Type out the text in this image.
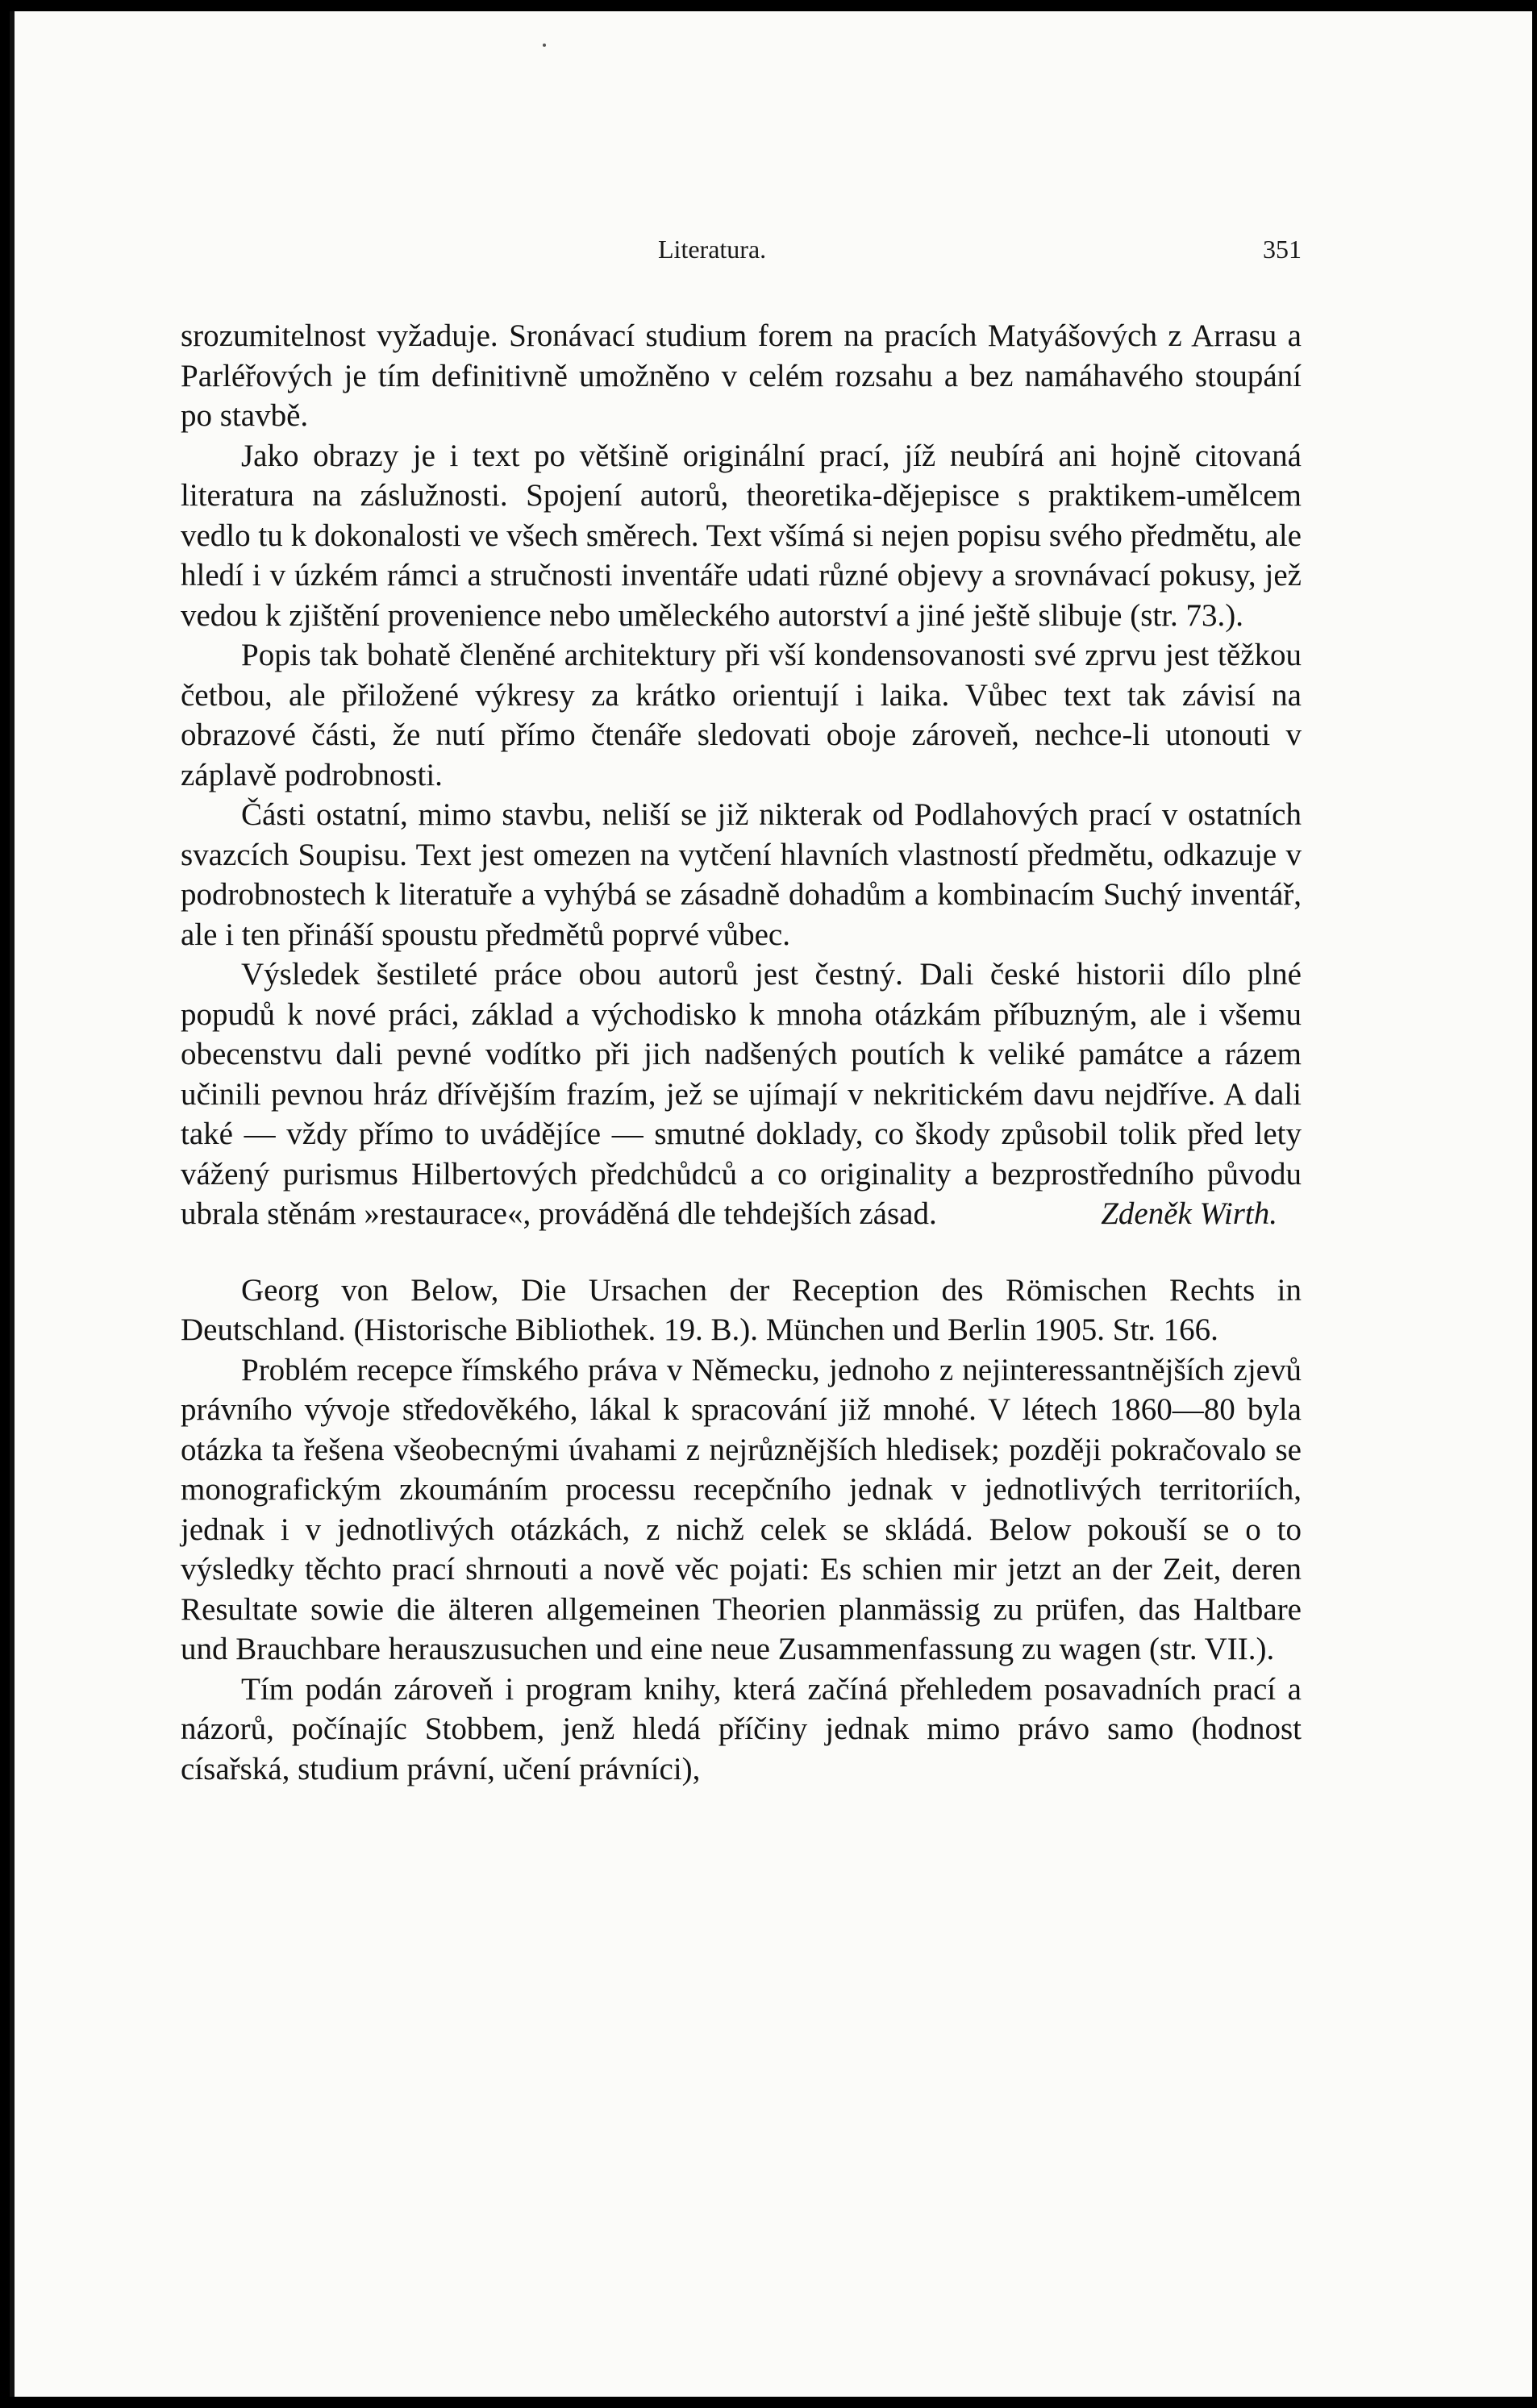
Literatura.	351

srozumitelnost vyžaduje. Sronávací studium forem na pracích Matyášových z Arrasu a Parléřových je tím definitivně umožněno v celém rozsahu a bez namáhavého stoupání po stavbě.

Jako obrazy je i text po většině originální prací, jíž neubírá ani hojně citovaná literatura na záslužnosti. Spojení autorů, theoretika-dějepisce s praktikem-umělcem vedlo tu k dokonalosti ve všech směrech. Text všímá si nejen popisu svého předmětu, ale hledí i v úzkém rámci a stručnosti inventáře udati různé objevy a srovnávací pokusy, jež vedou k zjištění provenience nebo uměleckého autorství a jiné ještě slibuje (str. 73.).

Popis tak bohatě členěné architektury při vší kondensovanosti své zprvu jest těžkou četbou, ale přiložené výkresy za krátko orientují i laika. Vůbec text tak závisí na obrazové části, že nutí přímo čtenáře sledovati oboje zároveň, nechce-li utonouti v záplavě podrobnosti.

Části ostatní, mimo stavbu, neliší se již nikterak od Podlahových prací v ostatních svazcích Soupisu. Text jest omezen na vytčení hlavních vlastností předmětu, odkazuje v podrobnostech k literatuře a vyhýbá se zásadně dohadům a kombinacím Suchý inventář, ale i ten přináší spoustu předmětů poprvé vůbec.

Výsledek šestileté práce obou autorů jest čestný. Dali české historii dílo plné popudů k nové práci, základ a východisko k mnoha otázkám příbuzným, ale i všemu obecenstvu dali pevné vodítko při jich nadšených poutích k veliké památce a rázem učinili pevnou hráz dřívějším frazím, jež se ujímají v nekritickém davu nejdříve. A dali také — vždy přímo to uvádějíce — smutné doklady, co škody způsobil tolik před lety vážený purismus Hilbertových předchůdců a co originality a bezprostředního původu ubrala stěnám »restaurace«, prováděná dle tehdejších zásad.	Zdeněk Wirth.

Georg von Below, Die Ursachen der Reception des Römischen Rechts in Deutschland. (Historische Bibliothek. 19. B.). München und Berlin 1905. Str. 166.

Problém recepce římského práva v Německu, jednoho z nejinteressantnějších zjevů právního vývoje středověkého, lákal k spracování již mnohé. V létech 1860—80 byla otázka ta řešena všeobecnými úvahami z nejrůznějších hledisek; později pokračovalo se monografickým zkoumáním processu recepčního jednak v jednotlivých territoriích, jednak i v jednotlivých otázkách, z nichž celek se skládá. Below pokouší se o to výsledky těchto prací shrnouti a nově věc pojati: Es schien mir jetzt an der Zeit, deren Resultate sowie die älteren allgemeinen Theorien planmässig zu prüfen, das Haltbare und Brauchbare herauszusuchen und eine neue Zusammenfassung zu wagen (str. VII.).

Tím podán zároveň i program knihy, která začíná přehledem posavadních prací a názorů, počínajíc Stobbem, jenž hledá příčiny jednak mimo právo samo (hodnost císařská, studium právní, učení právníci),
